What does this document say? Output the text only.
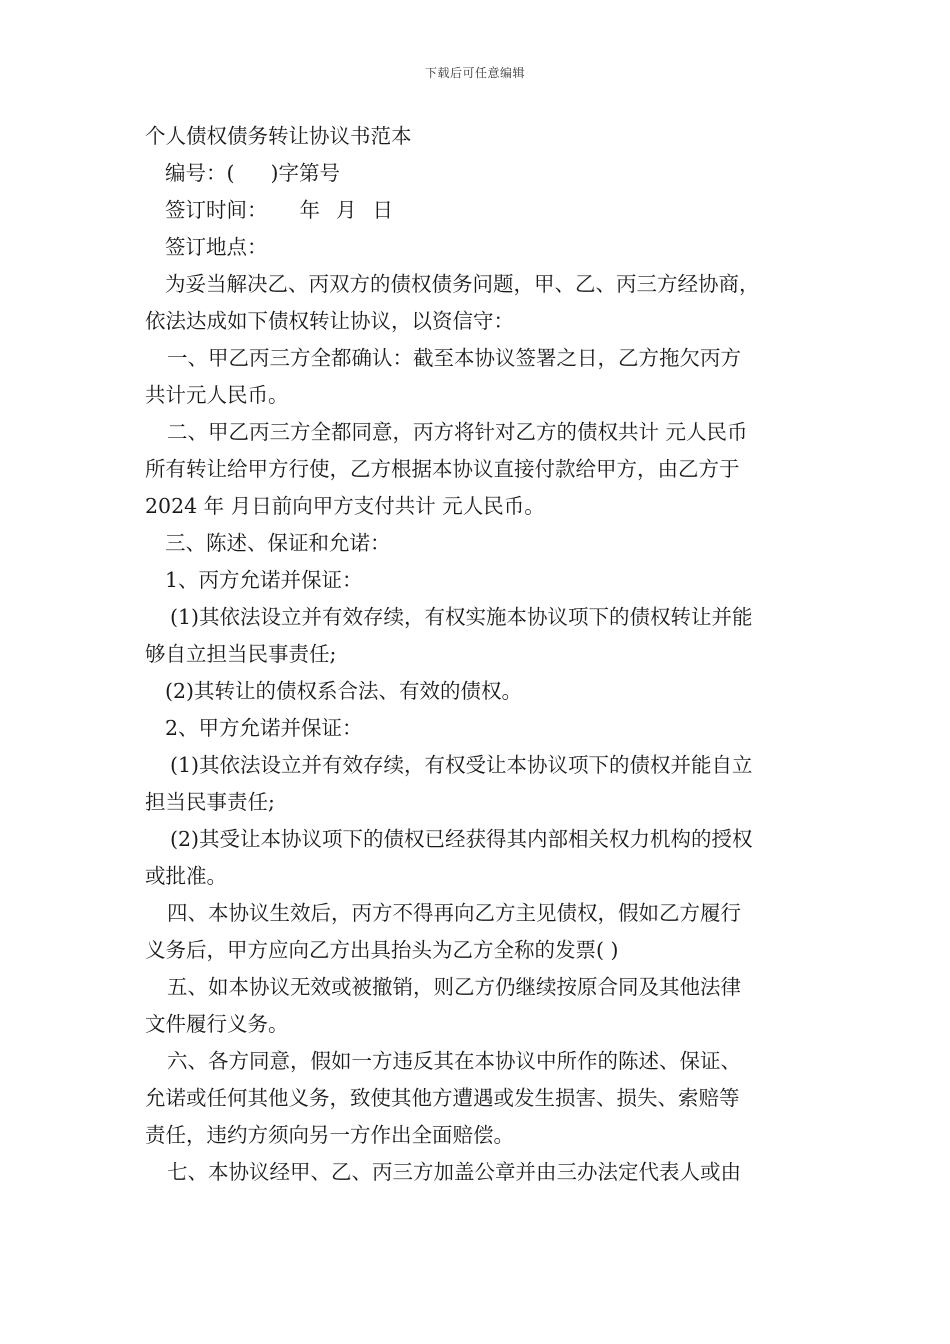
下载后可任意编辑
个人债权债务转让协议书范本
编号：( )字第号
签订时间： 年 月 日
签订地点：
为妥当解决乙、丙双方的债权债务问题，甲、乙、丙三方经协商，
依法达成如下债权转让协议，以资信守：
一、甲乙丙三方全都确认：截至本协议签署之日，乙方拖欠丙方
共计元人民币。
二、甲乙丙三方全都同意，丙方将针对乙方的债权共计 元人民币
所有转让给甲方行使，乙方根据本协议直接付款给甲方，由乙方于
2024 年 月日前向甲方支付共计 元人民币。
三、陈述、保证和允诺：
1、丙方允诺并保证：
(1)其依法设立并有效存续，有权实施本协议项下的债权转让并能
够自立担当民事责任;
(2)其转让的债权系合法、有效的债权。
2、甲方允诺并保证：
(1)其依法设立并有效存续，有权受让本协议项下的债权并能自立
担当民事责任;
(2)其受让本协议项下的债权已经获得其内部相关权力机构的授权
或批准。
四、本协议生效后，丙方不得再向乙方主见债权，假如乙方履行
义务后，甲方应向乙方出具抬头为乙方全称的发票( )
五、如本协议无效或被撤销，则乙方仍继续按原合同及其他法律
文件履行义务。
六、各方同意，假如一方违反其在本协议中所作的陈述、保证、
允诺或任何其他义务，致使其他方遭遇或发生损害、损失、索赔等
责任，违约方须向另一方作出全面赔偿。
七、本协议经甲、乙、丙三方加盖公章并由三办法定代表人或由
